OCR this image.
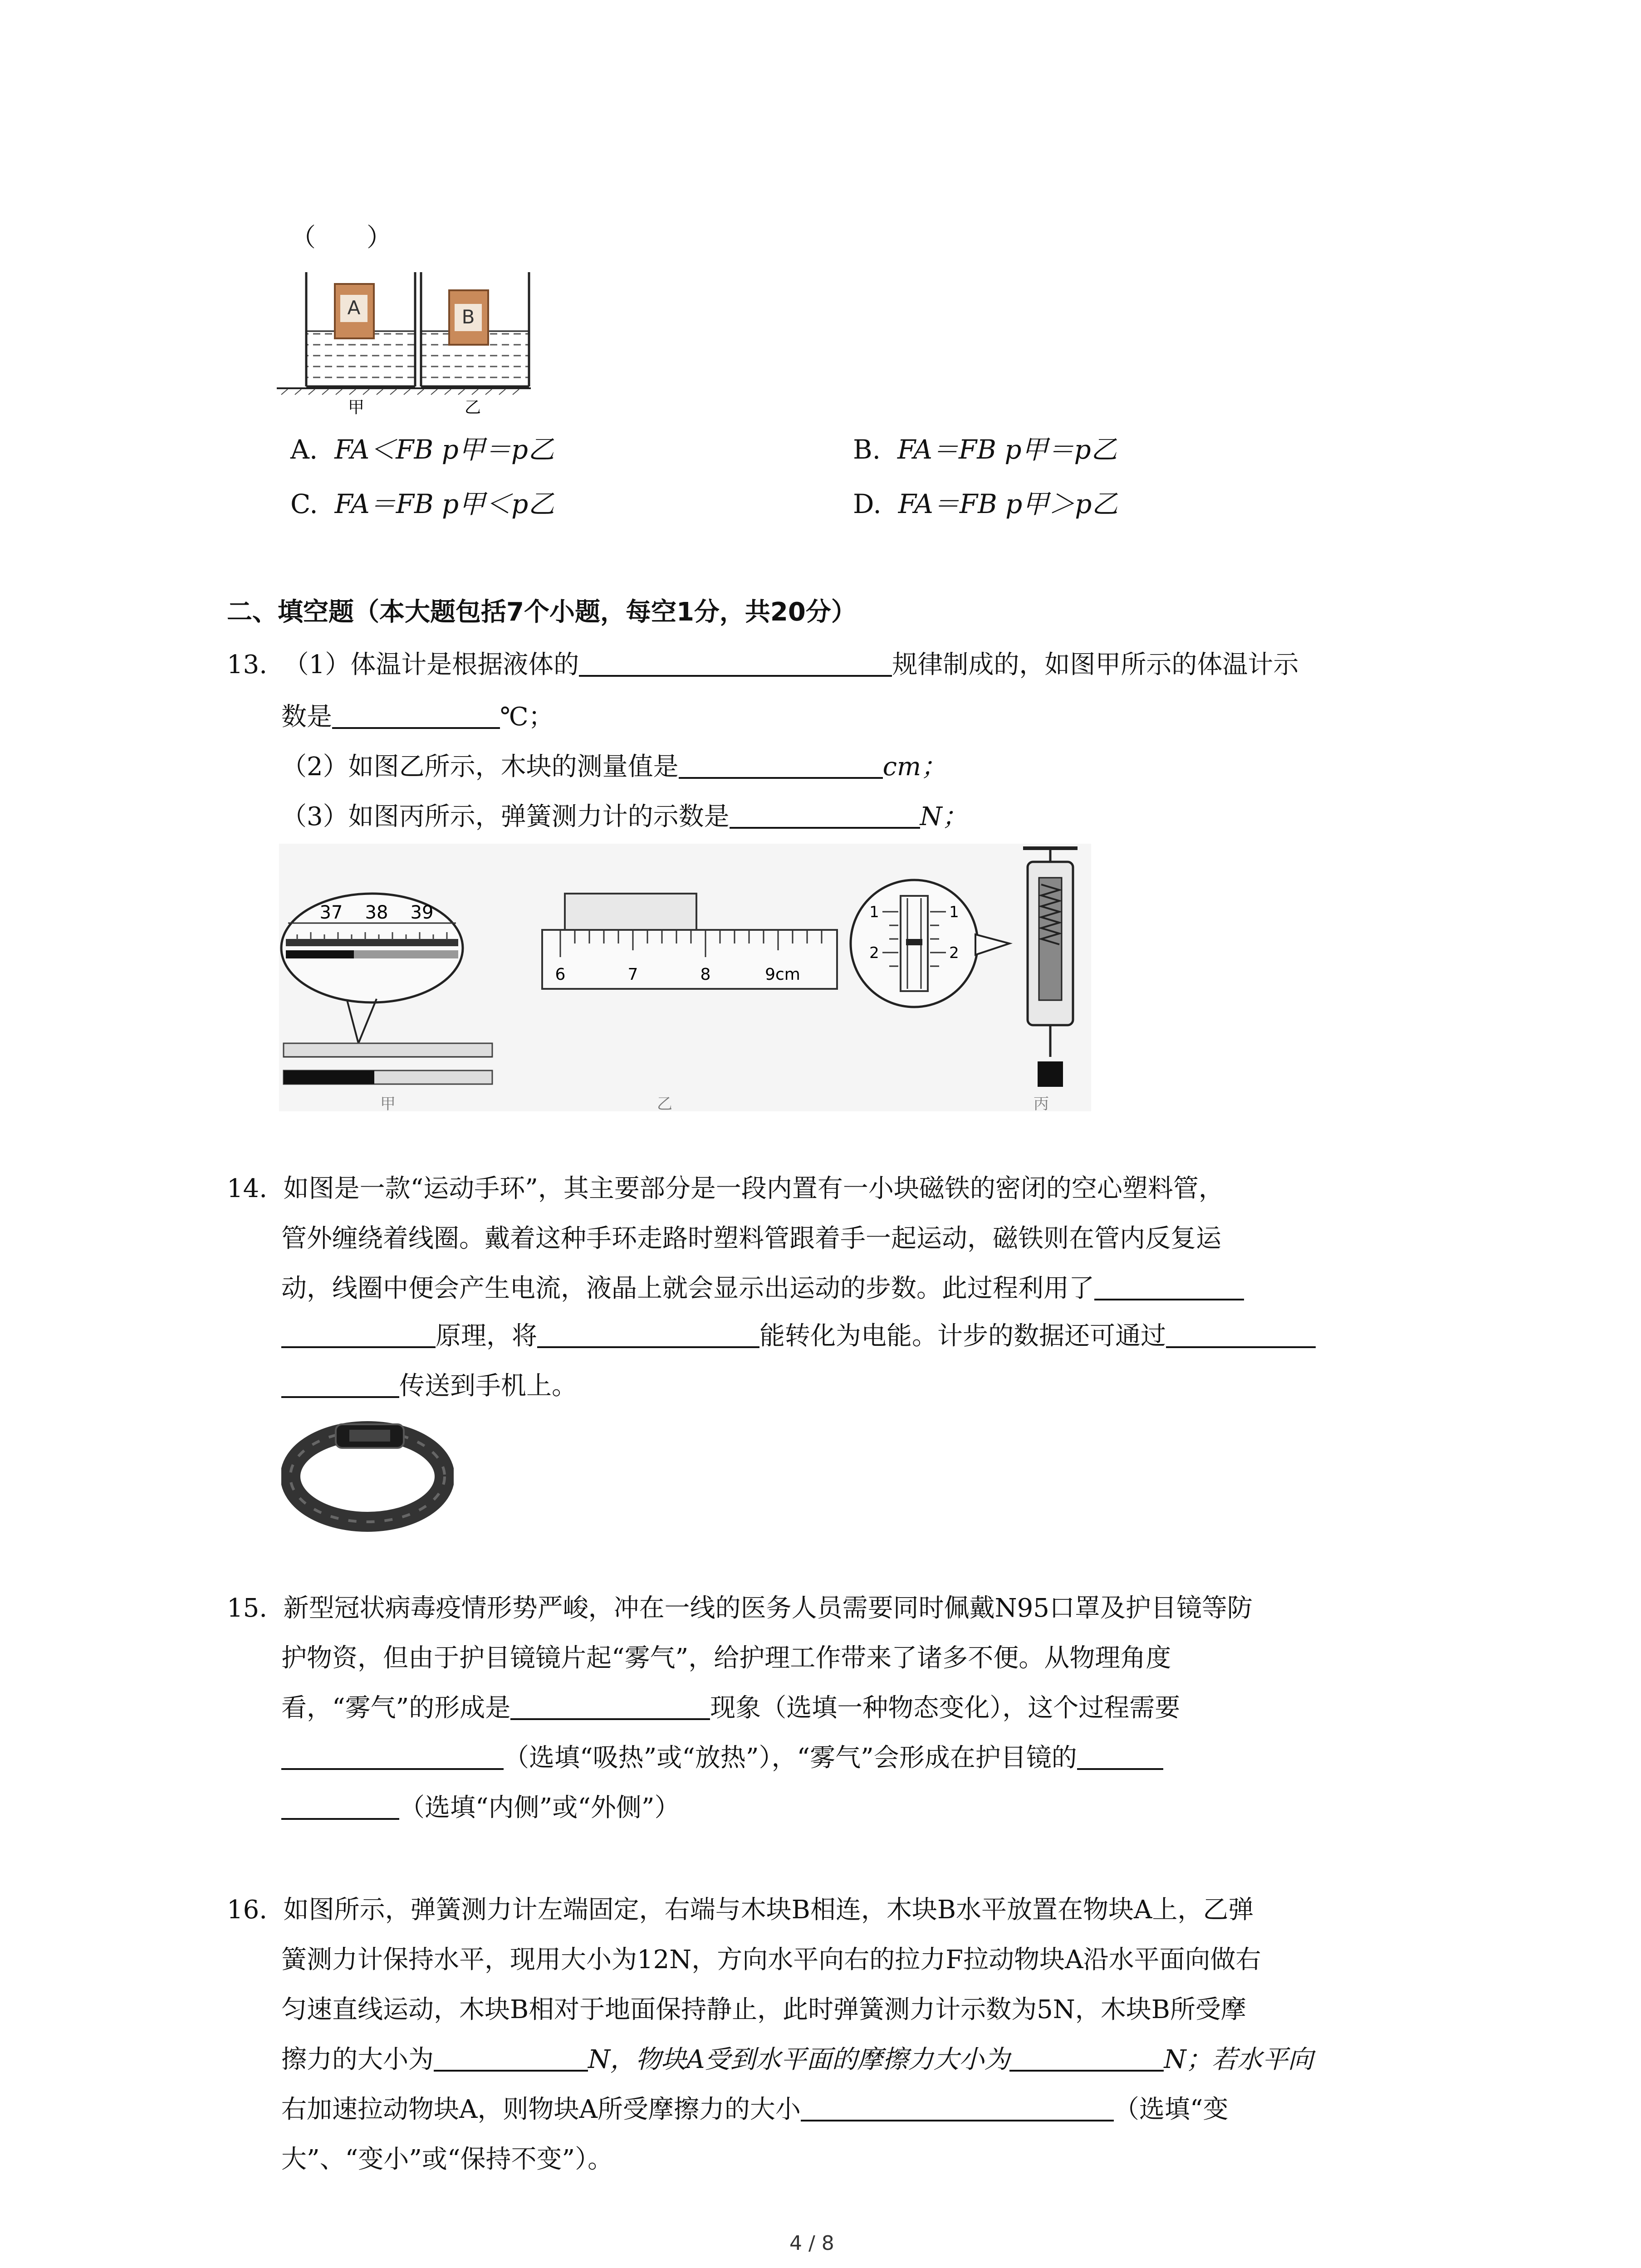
（　　）
A	B
甲	乙
A. FA＜FB p甲＝p乙	B. FA＝FB p甲＝p乙
C. FA＝FB p甲＜p乙	D. FA＝FB p甲＞p乙
二、填空题（本大题包括7个小题，每空1分，共20分）
13. （1）体温计是根据液体的	规律制成的，如图甲所示的体温计示
数是	℃；
（2）如图乙所示，木块的测量值是	cm；
（3）如图丙所示，弹簧测力计的示数是	N；
37 38 39
甲
6	7	8	9cm
乙
1
2
1
2
丙
14. 如图是一款“运动手环”，其主要部分是一段内置有一小块磁铁的密闭的空心塑料管，
管外缠绕着线圈。戴着这种手环走路时塑料管跟着手一起运动，磁铁则在管内反复运
动，线圈中便会产生电流，液晶上就会显示出运动的步数。此过程利用了
原理，将	能转化为电能。计步的数据还可通过
传送到手机上。
15. 新型冠状病毒疫情形势严峻，冲在一线的医务人员需要同时佩戴N95口罩及护目镜等防
护物资，但由于护目镜镜片起“雾气”，给护理工作带来了诸多不便。从物理角度
看，“雾气”的形成是	现象（选填一种物态变化），这个过程需要
（选填“吸热”或“放热”），“雾气”会形成在护目镜的
（选填“内侧”或“外侧”）
16. 如图所示，弹簧测力计左端固定，右端与木块B相连，木块B水平放置在物块A上，乙弹
簧测力计保持水平，现用大小为12N，方向水平向右的拉力F拉动物块A沿水平面向做右
匀速直线运动，木块B相对于地面保持静止，此时弹簧测力计示数为5N，木块B所受摩
擦力的大小为	N，物块A受到水平面的摩擦力大小为	N；若水平向
右加速拉动物块A，则物块A所受摩擦力的大小	（选填“变
大”、“变小”或“保持不变”）。
4 / 8
